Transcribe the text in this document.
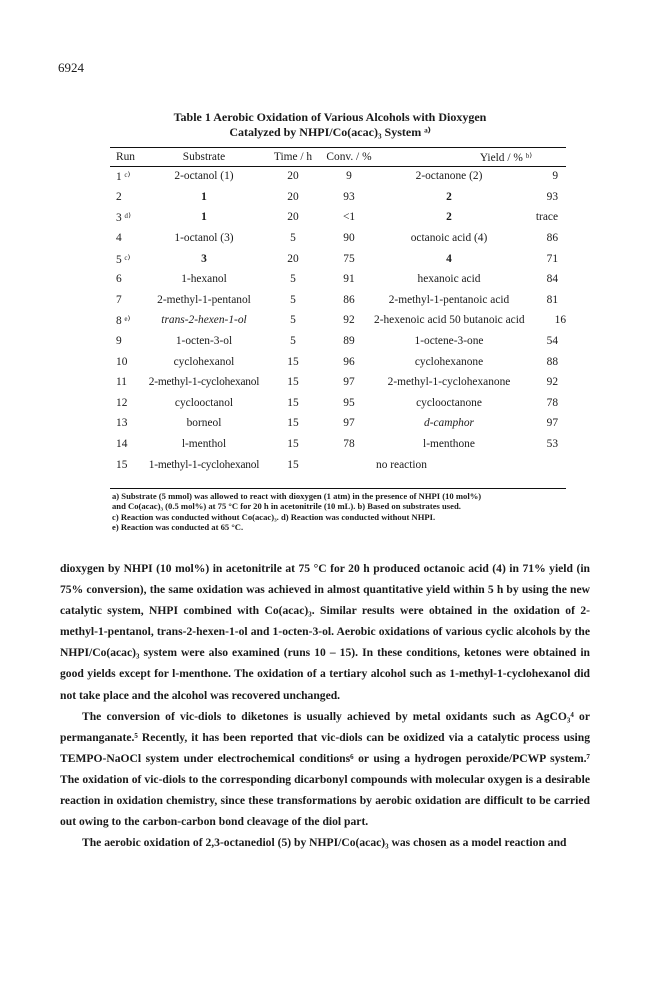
6924
Table 1 Aerobic Oxidation of Various Alcohols with Dioxygen
Catalyzed by NHPI/Co(acac)₃ System ᵃ⁾
Run	Substrate	Time / h	Conv. / %	Yield / % ᵇ⁾	
1 ᶜ⁾	2-octanol (1)	20	9	2-octanone (2)	9
2	1	20	93	2	93
3 ᵈ⁾	1	20	<1	2	trace
4	1-octanol (3)	5	90	octanoic acid (4)	86
5 ᶜ⁾	3	20	75	4	71
6	1-hexanol	5	91	hexanoic acid	84
7	2-methyl-1-pentanol	5	86	2-methyl-1-pentanoic acid	81
8 ᵉ⁾	trans-2-hexen-1-ol	5	92	2-hexenoic acid 50 butanoic acid	16
9	1-octen-3-ol	5	89	1-octene-3-one	54
10	cyclohexanol	15	96	cyclohexanone	88
11	2-methyl-1-cyclohexanol	15	97	2-methyl-1-cyclohexanone	92
12	cyclooctanol	15	95	cyclooctanone	78
13	borneol	15	97	d-camphor	97
14	l-menthol	15	78	l-menthone	53
15	1-methyl-1-cyclohexanol	15		no reaction	
a) Substrate (5 mmol) was allowed to react with dioxygen (1 atm) in the presence of NHPI (10 mol%)
and Co(acac)₃ (0.5 mol%) at 75 °C for 20 h in acetonitrile (10 mL). b) Based on substrates used.
c) Reaction was conducted without Co(acac)₃. d) Reaction was conducted without NHPI.
e) Reaction was conducted at 65 °C.

dioxygen by NHPI (10 mol%) in acetonitrile at 75 °C for 20 h produced octanoic acid (4) in 71% yield (in 75% conversion), the same oxidation was achieved in almost quantitative yield within 5 h by using the new catalytic system, NHPI combined with Co(acac)₃. Similar results were obtained in the oxidation of 2-methyl-1-pentanol, trans-2-hexen-1-ol and 1-octen-3-ol. Aerobic oxidations of various cyclic alcohols by the NHPI/Co(acac)₃ system were also examined (runs 10 – 15). In these conditions, ketones were obtained in good yields except for l-menthone. The oxidation of a tertiary alcohol such as 1-methyl-1-cyclohexanol did not take place and the alcohol was recovered unchanged.

The conversion of vic-diols to diketones is usually achieved by metal oxidants such as AgCO₃⁴ or permanganate.⁵ Recently, it has been reported that vic-diols can be oxidized via a catalytic process using TEMPO-NaOCl system under electrochemical conditions⁶ or using a hydrogen peroxide/PCWP system.⁷ The oxidation of vic-diols to the corresponding dicarbonyl compounds with molecular oxygen is a desirable reaction in oxidation chemistry, since these transformations by aerobic oxidation are difficult to be carried out owing to the carbon-carbon bond cleavage of the diol part.

The aerobic oxidation of 2,3-octanediol (5) by NHPI/Co(acac)₃ was chosen as a model reaction and
